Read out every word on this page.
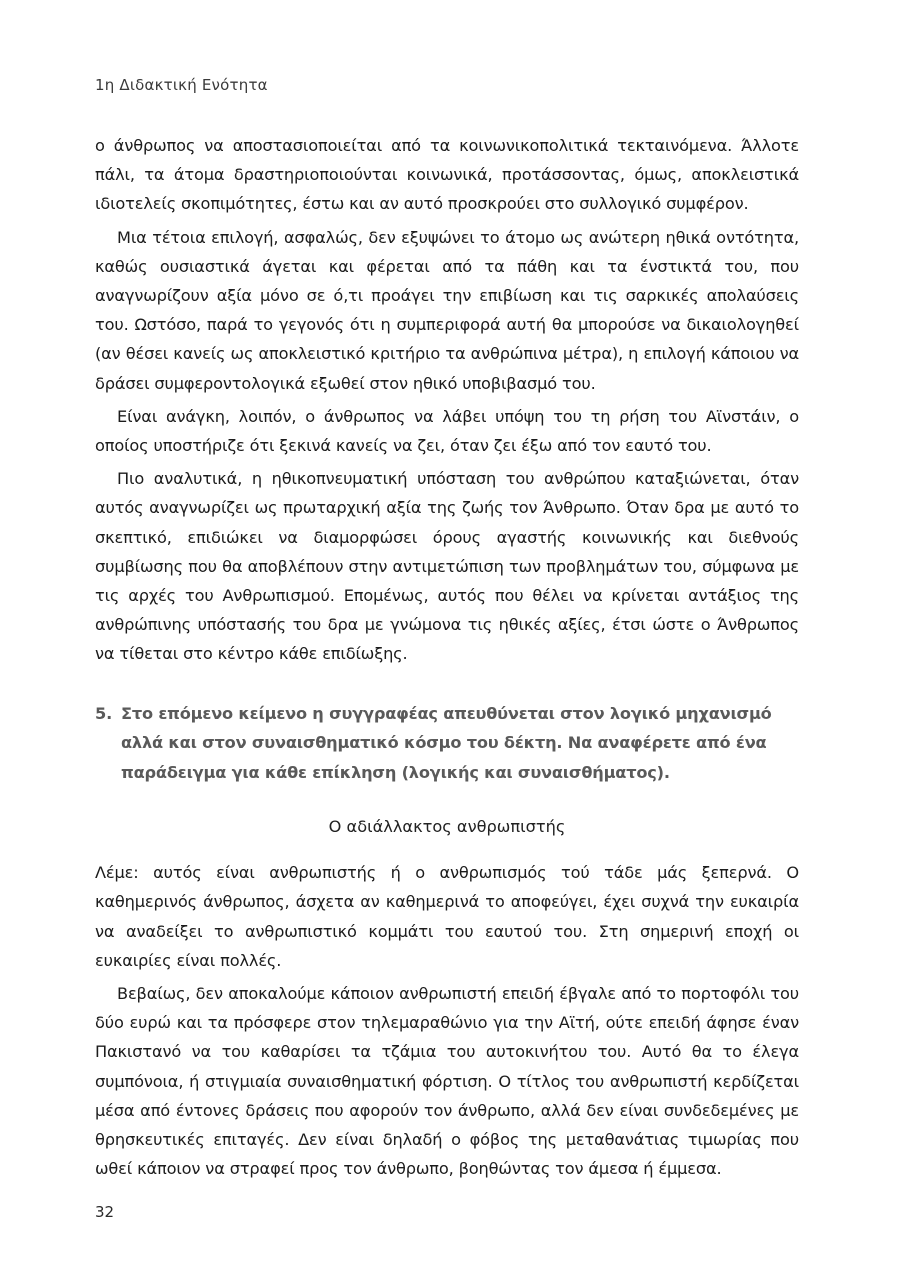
1η Διδακτική Ενότητα

ο άνθρωπος να αποστασιοποιείται από τα κοινωνικοπολιτικά τεκταινόμενα. Άλλοτε πάλι, τα άτομα δραστηριοποιούνται κοινωνικά, προτάσσοντας, όμως, αποκλειστικά ιδιοτελείς σκοπιμότητες, έστω και αν αυτό προσκρούει στο συλλογικό συμφέρον.

Μια τέτοια επιλογή, ασφαλώς, δεν εξυψώνει το άτομο ως ανώτερη ηθικά οντότητα, καθώς ουσιαστικά άγεται και φέρεται από τα πάθη και τα ένστικτά του, που αναγνωρίζουν αξία μόνο σε ό,τι προάγει την επιβίωση και τις σαρκικές απολαύσεις του. Ωστόσο, παρά το γεγονός ότι η συμπεριφορά αυτή θα μπορούσε να δικαιολογηθεί (αν θέσει κανείς ως αποκλειστικό κριτήριο τα ανθρώπινα μέτρα), η επιλογή κάποιου να δράσει συμφεροντολογικά εξωθεί στον ηθικό υποβιβασμό του.

Είναι ανάγκη, λοιπόν, ο άνθρωπος να λάβει υπόψη του τη ρήση του Αϊνστάιν, ο οποίος υποστήριζε ότι ξεκινά κανείς να ζει, όταν ζει έξω από τον εαυτό του.

Πιο αναλυτικά, η ηθικοπνευματική υπόσταση του ανθρώπου καταξιώνεται, όταν αυτός αναγνωρίζει ως πρωταρχική αξία της ζωής τον Άνθρωπο. Όταν δρα με αυτό το σκεπτικό, επιδιώκει να διαμορφώσει όρους αγαστής κοινωνικής και διεθνούς συμβίωσης που θα αποβλέπουν στην αντιμετώπιση των προβλημάτων του, σύμφωνα με τις αρχές του Ανθρωπισμού. Επομένως, αυτός που θέλει να κρίνεται αντάξιος της ανθρώπινης υπόστασής του δρα με γνώμονα τις ηθικές αξίες, έτσι ώστε ο Άνθρωπος να τίθεται στο κέντρο κάθε επιδίωξης.

5. Στο επόμενο κείμενο η συγγραφέας απευθύνεται στον λογικό μηχανισμό αλλά και στον συναισθηματικό κόσμο του δέκτη. Να αναφέρετε από ένα παράδειγμα για κάθε επίκληση (λογικής και συναισθήματος).
Ο αδιάλλακτος ανθρωπιστής

Λέμε: αυτός είναι ανθρωπιστής ή ο ανθρωπισμός τού τάδε μάς ξεπερνά. Ο καθημερινός άνθρωπος, άσχετα αν καθημερινά το αποφεύγει, έχει συχνά την ευκαιρία να αναδείξει το ανθρωπιστικό κομμάτι του εαυτού του. Στη σημερινή εποχή οι ευκαιρίες είναι πολλές.

Βεβαίως, δεν αποκαλούμε κάποιον ανθρωπιστή επειδή έβγαλε από το πορτοφόλι του δύο ευρώ και τα πρόσφερε στον τηλεμαραθώνιο για την Αϊτή, ούτε επειδή άφησε έναν Πακιστανό να του καθαρίσει τα τζάμια του αυτοκινήτου του. Αυτό θα το έλεγα συμπόνοια, ή στιγμιαία συναισθηματική φόρτιση. Ο τίτλος του ανθρωπιστή κερδίζεται μέσα από έντονες δράσεις που αφορούν τον άνθρωπο, αλλά δεν είναι συνδεδεμένες με θρησκευτικές επιταγές. Δεν είναι δηλαδή ο φόβος της μεταθανάτιας τιμωρίας που ωθεί κάποιον να στραφεί προς τον άνθρωπο, βοηθώντας τον άμεσα ή έμμεσα.

32
